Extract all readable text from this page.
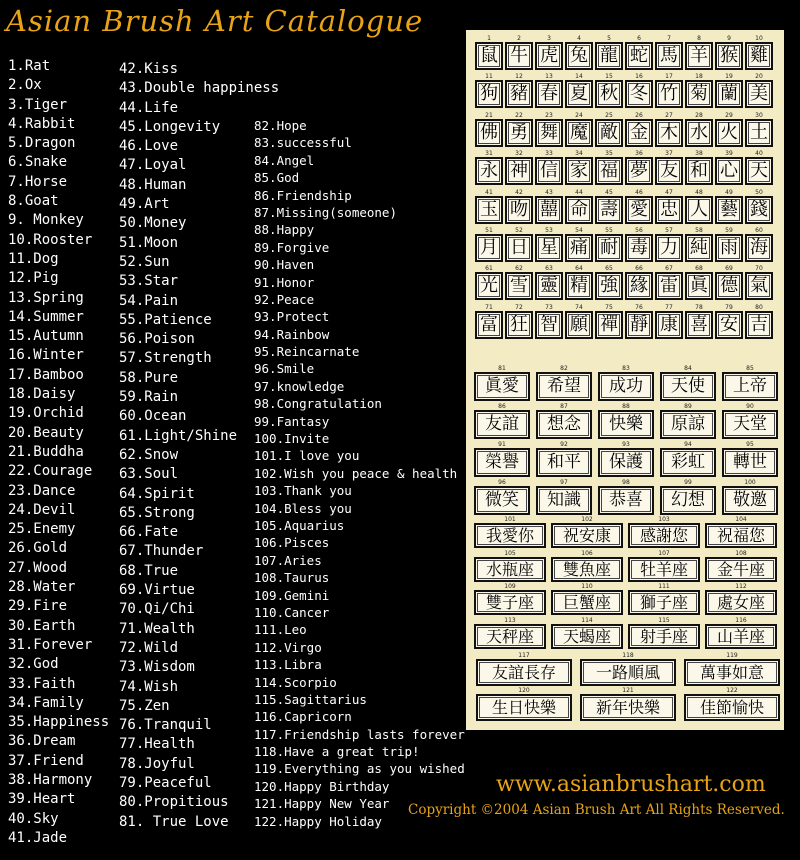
Asian Brush Art Catalogue
1.Rat
2.Ox
3.Tiger
4.Rabbit
5.Dragon
6.Snake
7.Horse
8.Goat
9. Monkey
10.Rooster
11.Dog
12.Pig
13.Spring
14.Summer
15.Autumn
16.Winter
17.Bamboo
18.Daisy
19.Orchid
20.Beauty
21.Buddha
22.Courage
23.Dance
24.Devil
25.Enemy
26.Gold
27.Wood
28.Water
29.Fire
30.Earth
31.Forever
32.God
33.Faith
34.Family
35.Happiness
36.Dream
37.Friend
38.Harmony
39.Heart
40.Sky
41.Jade
42.Kiss
43.Double happiness
44.Life
45.Longevity
46.Love
47.Loyal
48.Human
49.Art
50.Money
51.Moon
52.Sun
53.Star
54.Pain
55.Patience
56.Poison
57.Strength
58.Pure
59.Rain
60.Ocean
61.Light/Shine
62.Snow
63.Soul
64.Spirit
65.Strong
66.Fate
67.Thunder
68.True
69.Virtue
70.Qi/Chi
71.Wealth
72.Wild
73.Wisdom
74.Wish
75.Zen
76.Tranquil
77.Health
78.Joyful
79.Peaceful
80.Propitious
81. True Love
82.Hope
83.successful
84.Angel
85.God
86.Friendship
87.Missing(someone)
88.Happy
89.Forgive
90.Haven
91.Honor
92.Peace
93.Protect
94.Rainbow
95.Reincarnate
96.Smile
97.knowledge
98.Congratulation
99.Fantasy
100.Invite
101.I love you
102.Wish you peace & health
103.Thank you
104.Bless you
105.Aquarius
106.Pisces
107.Aries
108.Taurus
109.Gemini
110.Cancer
111.Leo
112.Virgo
113.Libra
114.Scorpio
115.Sagittarius
116.Capricorn
117.Friendship lasts forever
118.Have a great trip!
119.Everything as you wished
120.Happy Birthday
121.Happy New Year
122.Happy Holiday
1
鼠
2
牛
3
虎
4
兔
5
龍
6
蛇
7
馬
8
羊
9
猴
10
雞
11
狗
12
豬
13
春
14
夏
15
秋
16
冬
17
竹
18
菊
19
蘭
20
美
21
佛
22
勇
23
舞
24
魔
25
敵
26
金
27
木
28
水
29
火
30
土
31
永
32
神
33
信
34
家
35
福
36
夢
37
友
38
和
39
心
40
天
41
玉
42
吻
43
囍
44
命
45
壽
46
愛
47
忠
48
人
49
藝
50
錢
51
月
52
日
53
星
54
痛
55
耐
56
毒
57
力
58
純
59
雨
60
海
61
光
62
雪
63
靈
64
精
65
強
66
緣
67
雷
68
眞
69
德
70
氣
71
富
72
狂
73
智
74
願
75
禪
76
靜
77
康
78
喜
79
安
80
吉
81
眞愛
82
希望
83
成功
84
天使
85
上帝
86
友誼
87
想念
88
快樂
89
原諒
90
天堂
91
榮譽
92
和平
93
保護
94
彩虹
95
轉世
96
微笑
97
知識
98
恭喜
99
幻想
100
敬邀
101
我愛你
102
祝安康
103
感謝您
104
祝福您
105
水瓶座
106
雙魚座
107
牡羊座
108
金牛座
109
雙子座
110
巨蟹座
111
獅子座
112
處女座
113
天秤座
114
天蝎座
115
射手座
116
山羊座
117
友誼長存
118
一路順風
119
萬事如意
120
生日快樂
121
新年快樂
122
佳節愉快
www.asianbrushart.com
Copyright ©2004 Asian Brush Art All Rights Reserved.
